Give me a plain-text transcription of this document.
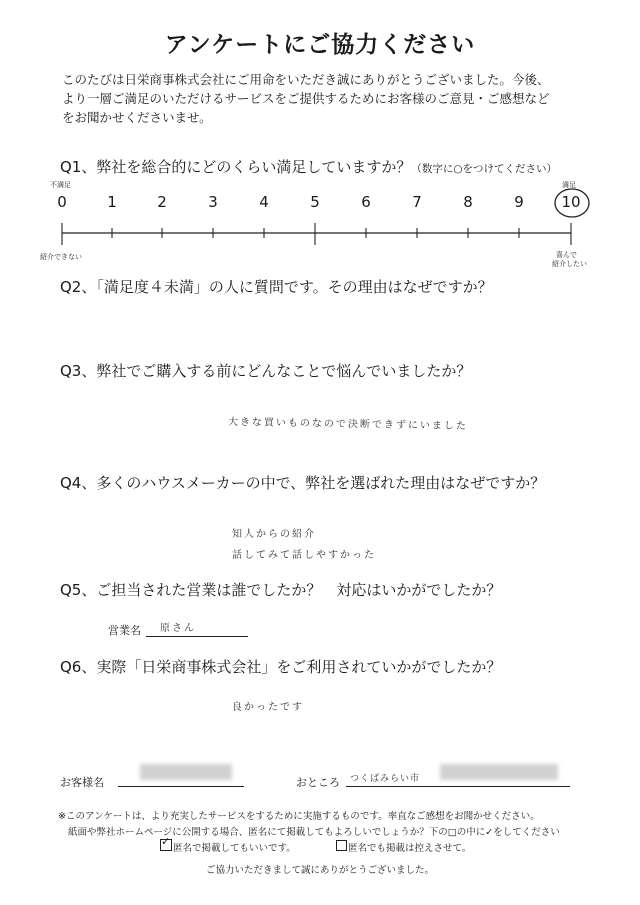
アンケートにご協力ください
このたびは日栄商事株式会社にご用命をいただき誠にありがとうございました。今後、
より一層ご満足のいただけるサービスをご提供するためにお客様のご意見・ご感想など
をお聞かせくださいませ。
Q1、弊社を総合的にどのくらい満足していますか？（数字に○をつけてください）
不満足	満足
0	1	2	3	4	5	6	7	8	9	10
紹介できない	喜んで
紹介したい
Q2、「満足度４未満」の人に質問です。その理由はなぜですか？
Q3、弊社でご購入する前にどんなことで悩んでいましたか？
大きな買いものなので決断できずにいました
Q4、多くのハウスメーカーの中で、弊社を選ばれた理由はなぜですか？
知人からの紹介
話してみて話しやすかった
Q5、ご担当された営業は誰でしたか？　対応はいかがでしたか？
営業名 原さん
Q6、実際「日栄商事株式会社」をご利用されていかがでしたか？
良かったです
お客様名	おところ つくばみらい市
※このアンケートは、より充実したサービスをするために実施するものです。率直なご感想をお聞かせください。
紙面や弊社ホームページに公開する場合、匿名にて掲載してもよろしいでしょうか？下の□の中に✓をしてください
✓
匿名で掲載してもいいです。	匿名でも掲載は控えさせて。
ご協力いただきまして誠にありがとうございました。
